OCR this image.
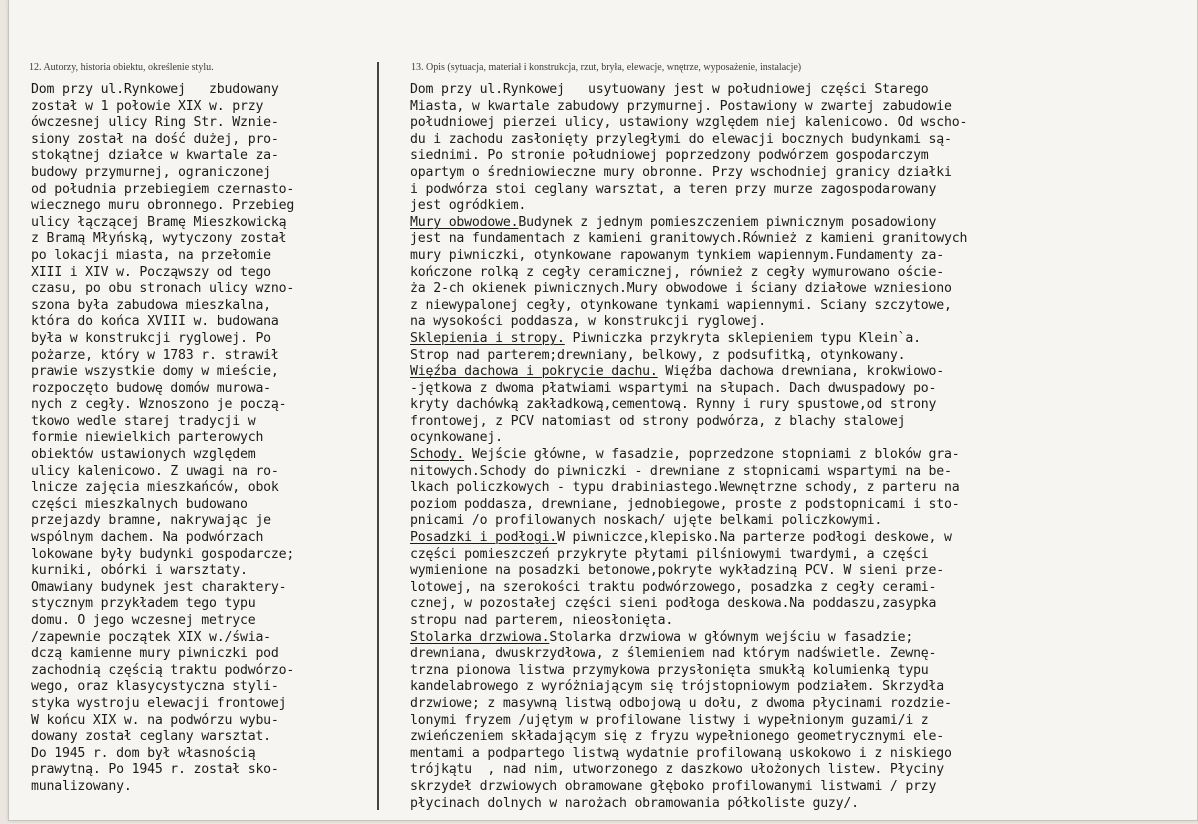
12. Autorzy, historia obiektu, określenie stylu.	13. Opis (sytuacja, materiał i konstrukcja, rzut, bryła, elewacje, wnętrze, wyposażenie, instalacje)
Dom przy ul.Rynkowej   zbudowany
został w 1 połowie XIX w. przy
ówczesnej ulicy Ring Str. Wznie-
siony został na dość dużej, pro-
stokątnej działce w kwartale za-
budowy przymurnej, ograniczonej
od południa przebiegiem czernasto-
wiecznego muru obronnego. Przebieg
ulicy łączącej Bramę Mieszkowicką
z Bramą Młyńską, wytyczony został
po lokacji miasta, na przełomie
XIII i XIV w. Począwszy od tego
czasu, po obu stronach ulicy wzno-
szona była zabudowa mieszkalna,
która do końca XVIII w. budowana
była w konstrukcji ryglowej. Po
pożarze, który w 1783 r. strawił
prawie wszystkie domy w mieście,
rozpoczęto budowę domów murowa-
nych z cegły. Wznoszono je począ-
tkowo wedle starej tradycji w
formie niewielkich parterowych
obiektów ustawionych względem
ulicy kalenicowo. Z uwagi na ro-
lnicze zajęcia mieszkańców, obok
części mieszkalnych budowano
przejazdy bramne, nakrywając je
wspólnym dachem. Na podwórzach
lokowane były budynki gospodarcze;
kurniki, obórki i warsztaty.
Omawiany budynek jest charaktery-
stycznym przykładem tego typu
domu. O jego wczesnej metryce
/zapewnie początek XIX w./świa-
dczą kamienne mury piwniczki pod
zachodnią częścią traktu podwórzo-
wego, oraz klasycystyczna styli-
styka wystroju elewacji frontowej
W końcu XIX w. na podwórzu wybu-
dowany został ceglany warsztat.
Do 1945 r. dom był własnością
prawytną. Po 1945 r. został sko-
munalizowany.
Dom przy ul.Rynkowej   usytuowany jest w południowej części Starego
Miasta, w kwartale zabudowy przymurnej. Postawiony w zwartej zabudowie
południowej pierzei ulicy, ustawiony względem niej kalenicowo. Od wscho-
du i zachodu zasłonięty przyległymi do elewacji bocznych budynkami są-
siednimi. Po stronie południowej poprzedzony podwórzem gospodarczym
opartym o średniowieczne mury obronne. Przy wschodniej granicy działki
i podwórza stoi ceglany warsztat, a teren przy murze zagospodarowany
jest ogródkiem.
Mury obwodowe.Budynek z jednym pomieszczeniem piwnicznym posadowiony
jest na fundamentach z kamieni granitowych.Również z kamieni granitowych
mury piwniczki, otynkowane rapowanym tynkiem wapiennym.Fundamenty za-
kończone rolką z cegły ceramicznej, również z cegły wymurowano oście-
ża 2-ch okienek piwnicznych.Mury obwodowe i ściany działowe wzniesiono
z niewypalonej cegły, otynkowane tynkami wapiennymi. Sciany szczytowe,
na wysokości poddasza, w konstrukcji ryglowej.
Sklepienia i stropy. Piwniczka przykryta sklepieniem typu Klein`a.
Strop nad parterem;drewniany, belkowy, z podsufitką, otynkowany.
Więźba dachowa i pokrycie dachu. Więźba dachowa drewniana, krokwiowo-
-jętkowa z dwoma płatwiami wspartymi na słupach. Dach dwuspadowy po-
kryty dachówką zakładkową,cementową. Rynny i rury spustowe,od strony
frontowej, z PCV natomiast od strony podwórza, z blachy stalowej
ocynkowanej.
Schody. Wejście główne, w fasadzie, poprzedzone stopniami z bloków gra-
nitowych.Schody do piwniczki - drewniane z stopnicami wspartymi na be-
lkach policzkowych - typu drabiniastego.Wewnętrzne schody, z parteru na
poziom poddasza, drewniane, jednobiegowe, proste z podstopnicami i sto-
pnicami /o profilowanych noskach/ ujęte belkami policzkowymi.
Posadzki i podłogi.W piwniczce,klepisko.Na parterze podłogi deskowe, w
części pomieszczeń przykryte płytami pilśniowymi twardymi, a części
wymienione na posadzki betonowe,pokryte wykładziną PCV. W sieni prze-
lotowej, na szerokości traktu podwórzowego, posadzka z cegły cerami-
cznej, w pozostałej części sieni podłoga deskowa.Na poddaszu,zasypka
stropu nad parterem, nieosłonięta.
Stolarka drzwiowa.Stolarka drzwiowa w głównym wejściu w fasadzie;
drewniana, dwuskrzydłowa, z ślemieniem nad którym nadświetle. Zewnę-
trzna pionowa listwa przymykowa przysłonięta smukłą kolumienką typu
kandelabrowego z wyróżniającym się trójstopniowym podziałem. Skrzydła
drzwiowe; z masywną listwą odbojową u dołu, z dwoma płycinami rozdzie-
lonymi fryzem /ujętym w profilowane listwy i wypełnionym guzami/i z
zwieńczeniem składającym się z fryzu wypełnionego geometrycznymi ele-
mentami a podpartego listwą wydatnie profilowaną uskokowo i z niskiego
trójkątu  , nad nim, utworzonego z daszkowo ułożonych listew. Płyciny
skrzydeł drzwiowych obramowane głęboko profilowanymi listwami / przy
płycinach dolnych w narożach obramowania półkoliste guzy/.
